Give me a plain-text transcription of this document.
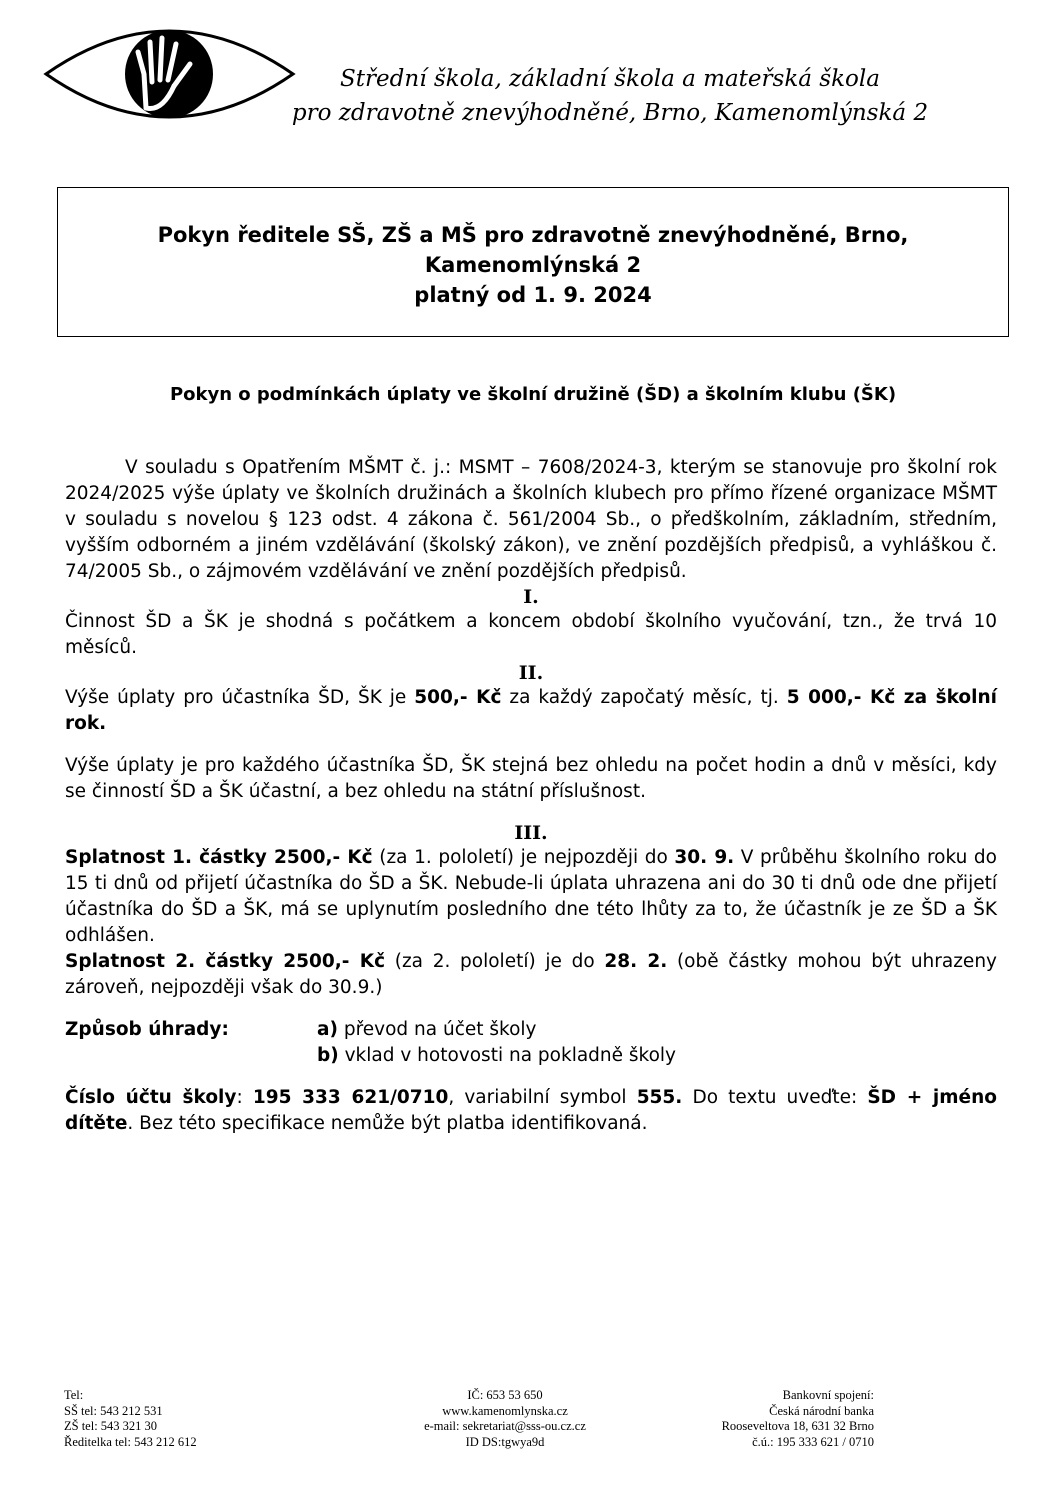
Střední škola, základní škola a mateřská škola
pro zdravotně znevýhodněné, Brno, Kamenomlýnská 2
Pokyn ředitele SŠ, ZŠ a MŠ pro zdravotně znevýhodněné, Brno,
Kamenomlýnská 2
platný od 1. 9. 2024
Pokyn o podmínkách úplaty ve školní družině (ŠD) a školním klubu (ŠK)

V souladu s Opatřením MŠMT č. j.: MSMT – 7608/2024-3, kterým se stanovuje pro školní rok 2024/2025 výše úplaty ve školních družinách a školních klubech pro přímo řízené organizace MŠMT v souladu s novelou § 123 odst. 4 zákona č. 561/2004 Sb., o předškolním, základním, středním, vyšším odborném a jiném vzdělávání (školský zákon), ve znění pozdějších předpisů, a vyhláškou č. 74/2005 Sb., o zájmovém vzdělávání ve znění pozdějších předpisů.

I.

Činnost ŠD a ŠK je shodná s počátkem a koncem období školního vyučování, tzn., že trvá 10 měsíců.

II.

Výše úplaty pro účastníka ŠD, ŠK je 500,- Kč za každý započatý měsíc, tj. 5 000,- Kč za školní rok.

Výše úplaty je pro každého účastníka ŠD, ŠK stejná bez ohledu na počet hodin a dnů v měsíci, kdy se činností ŠD a ŠK účastní, a bez ohledu na státní příslušnost.

III.

Splatnost 1. částky 2500,- Kč (za 1. pololetí) je nejpozději do 30. 9. V průběhu školního roku do 15 ti dnů od přijetí účastníka do ŠD a ŠK. Nebude-li úplata uhrazena ani do 30 ti dnů ode dne přijetí účastníka do ŠD a ŠK, má se uplynutím posledního dne této lhůty za to, že účastník je ze ŠD a ŠK odhlášen.

Splatnost 2. částky 2500,- Kč (za 2. pololetí) je do 28. 2. (obě částky mohou být uhrazeny zároveň, nejpozději však do 30.9.)

Způsob úhrady:	a) převod na účet školy
b) vklad v hotovosti na pokladně školy

Číslo účtu školy: 195 333 621/0710, variabilní symbol 555. Do textu uveďte: ŠD + jméno dítěte. Bez této specifikace nemůže být platba identifikovaná.

Tel:
SŠ tel: 543 212 531
ZŠ tel: 543 321 30
Ředitelka tel: 543 212 612
IČ: 653 53 650
www.kamenomlynska.cz
e-mail: sekretariat@sss-ou.cz.cz
ID DS:tgwya9d
Bankovní spojení:
Česká národní banka
Rooseveltova 18, 631 32 Brno
č.ú.: 195 333 621 / 0710
